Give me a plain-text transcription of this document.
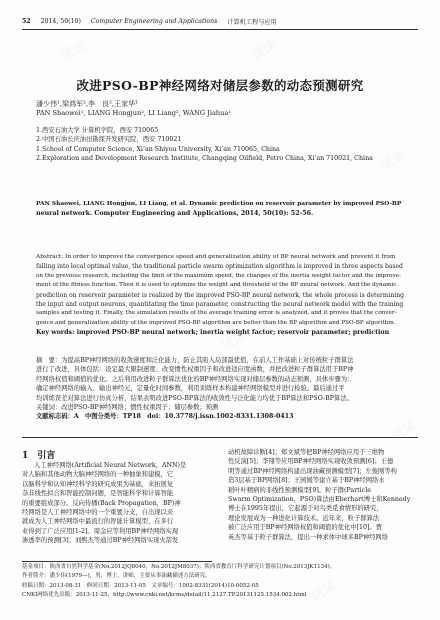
52 2014, 50(10) Computer Engineering and Applications 计算机工程与应用
改进PSO-BP神经网络对储层参数的动态预测研究
潘少伟¹,梁鸿军²,李　良²,王家华¹
PAN Shaowei¹, LIANG Hongjun², LI Liang², WANG Jiahua¹
1.西安石油大学 计算机学院，西安 710065
2.中国石油长庆油田勘探开发研究院，西安 710021
1.School of Computer Science, Xi’an Shiyou University, Xi’an 710065, China
2.Exploration and Development Research Institute, Changqing Oilfield, Petro China, Xi’an 710021, China
PAN Shaowei, LIANG Hongjun, LI Liang, et al. Dynamic prediction on reservoir parameter by improved PSO-BP
neural network. Computer Engineering and Applications, 2014, 50(10): 52-56.
Abstract: In order to improve the convergence speed and generalization ability of BP neural network and prevent it from
falling into local optimal value, the traditional particle swarm optimization algorithm is improved in three aspects based
on the previous research, including the limit of the maximum speed, the changes of the inertia weight factor and the improve-
ment of the fitness function. Then it is used to optimize the weight and threshold of the BP neural network. And the dynamic
prediction on reservoir parameter is realized by the improved PSO-BP neural network, the whole process is determining
the input and output neurons, quantitating the time parameter, constructing the neural network model with the training
samples and testing it. Finally, the simulation results of the average training error is analyzed, and it proves that the conver-
gence and generalization ability of the improved PSO-BP algorithm are better than the BP algorithm and PSO-BP algorithm.
Key words: improved PSO-BP neural network; inertia weight factor; reservoir parameter; prediction
摘　要：为提高BP神经网络的收敛速度和泛化能力，防止其陷入局部最优值，在前人工作基础上对传统粒子群算法
进行了改进，具体包括：设定最大限制速度、改变惯性权重因子和改进适应度函数，并把改进粒子群算法用于BP神
经网络权值和阈值的优化。之后利用改进粒子群算法优化的BP神经网络实现对储层参数的动态预测，具体步骤为：
确定神经网络的输入、输出神经元，定量化时间参数，利用训练样本构建神经网络模型并进行检验。最后通过平
均训练误差对算法进行仿真分析，结果表明改进PSO-BP算法的收敛性与泛化能力均优于BP算法和PSO-BP算法。
关键词：改进PSO-BP神经网络；惯性权重因子；储层参数；预测
文献标志码：A　中图分类号：TP18　doi：10.3778/j.issn.1002-8331.1308-0413
1　引言
人工神经网络(Artificial Neural Network，ANN)是
对人脑和其他动物大脑神经网络的一种抽象和建模，它
以脑科学和认知神经科学的研究成果为基础，来拓展复
杂非线性拟合和智能控制问题，是智能科学和计算智能
的重要组成部分。反向传播(Back Propagation，BP)神
经网络是人工神经网络中的一个重要分支，自出现以来
就成为人工神经网络中最流行的智能计算模型，在多行
业得到了广泛应用[1-2]。周金应等利用BP神经网络实现
渗透率的预测[3]；刘熙杰等通过BP神经网络实现火箭发
动机故障诊断[4]；郑文斌等把BP神经网络应用于三维物
性反演[5]；李翔等应用BP神经网络实现收敛预测[6]；王德
明等通过BP神经网络构建出现油藏预测模型[7]；左俊刚等构
造3层基于BP网络[8]；王园媛等建立基于BP神经网络水
稻叶叶精病的非线性预测模型[9]。粒子群(Particle
Swarm Optimization，PSO)算法由Eberhart博士和Kennedy
博士在1995年提出，它起源于对鸟类觅食情形的研究，
理论发展成为一种进化计算技术。近年来，粒子群算法
被广泛应用于BP神经网络权值和阈值的优化中[10]。贾
英杰等基于粒子群算法，提出一种求体中球多BP神经网络
基金项目：陕西省自然科学基金(No.2012JQ8040，No.2012JM8037)；陕西省教育厅科学研究计划项目(No.2013JK1134)。
作者简介：潘少伟(1979—)，男，博士，讲师，主要从事油藏描述方法研究。
收稿日期：2013-08-31　修回日期：2013-11-05　文章编号：1002-8331(2014)10-0052-05
CNKI网络优先出版：2013-11-25，http://www.cnki.net/kcms/detail/11.2127.TP.20131125.1534.002.html
试读	试读
试读
试读
试读
试读
试读
试读
